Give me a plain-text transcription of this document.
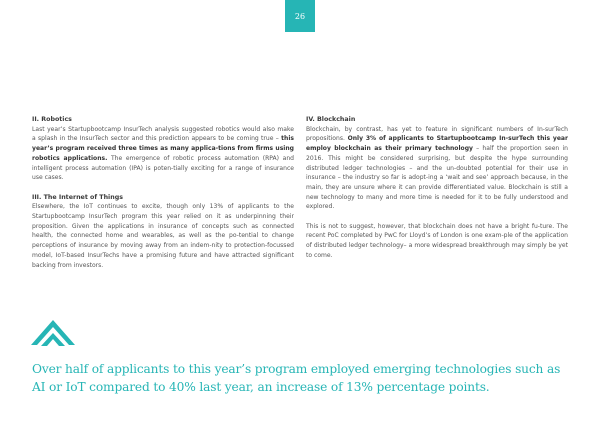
26
II. Robotics

Last year’s Startupbootcamp InsurTech analysis suggested robotics would also make a splash in the InsurTech sector and this prediction appears to be coming true – this year’s program received three times as many applica-tions from firms using robotics applications. The emergence of robotic process automation (RPA) and intelligent process automation (IPA) is poten-tially exciting for a range of insurance use cases.

III. The Internet of Things

Elsewhere, the IoT continues to excite, though only 13% of applicants to the Startupbootcamp InsurTech program this year relied on it as underpinning their proposition. Given the applications in insurance of concepts such as connected health, the connected home and wearables, as well as the po-tential to change perceptions of insurance by moving away from an indem-nity to protection-focussed model, IoT-based InsurTechs have a promising future and have attracted significant backing from investors.

IV. Blockchain

Blockchain, by contrast, has yet to feature in significant numbers of In-surTech propositions. Only 3% of applicants to Startupbootcamp In-surTech this year employ blockchain as their primary technology – half the proportion seen in 2016. This might be considered surprising, but despite the hype surrounding distributed ledger technologies – and the un-doubted potential for their use in insurance – the industry so far is adopt-ing a ‘wait and see’ approach because, in the main, they are unsure where it can provide differentiated value. Blockchain is still a new technology to many and more time is needed for it to be fully understood and explored.

This is not to suggest, however, that blockchain does not have a bright fu-ture. The recent PoC completed by PwC for Lloyd’s of London is one exam-ple of the application of distributed ledger technology– a more widespread breakthrough may simply be yet to come.

Over half of applicants to this year’s program employed emerging technologies such as AI or IoT compared to 40% last year, an increase of 13% percentage points.
